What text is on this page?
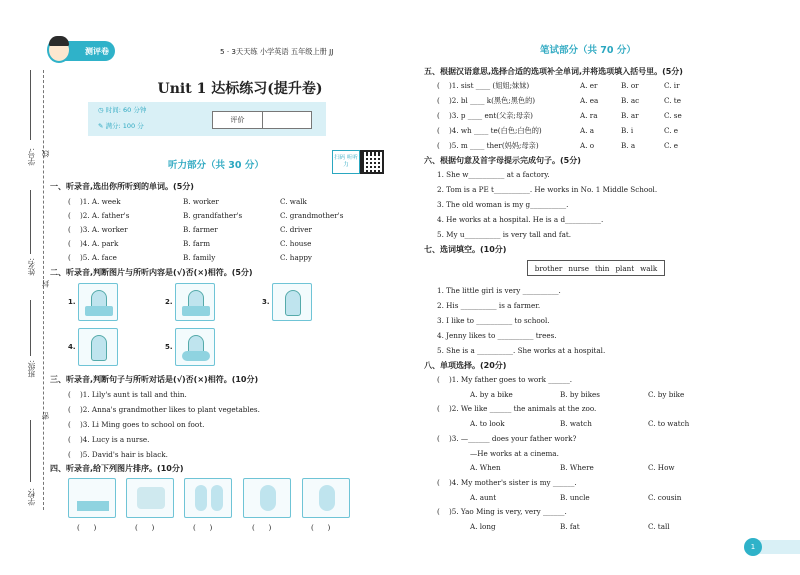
学号: 线
姓名:
封
班级:
密
学校:
测评卷	5 · 3天天练 小学英语 五年级上册 JJ
Unit 1 达标练习(提升卷)
◷ 时间: 60 分钟
✎ 满分: 100 分
评价
听力部分（共 30 分）
扫码 听听力
一、听录音,选出你所听到的单词。(5分)
(    )1. A. week	B. worker	C. walk
(    )2. A. father's	B. grandfather's	C. grandmother's
(    )3. A. worker	B. farmer	C. driver
(    )4. A. park	B. farm	C. house
(    )5. A. face	B. family	C. happy
二、听录音,判断图片与所听内容是(√)否(×)相符。(5分)
1.	2.	3.
4.	5.
三、听录音,判断句子与所听对话是(√)否(×)相符。(10分)
(    )1. Lily's aunt is tall and thin.
(    )2. Anna's grandmother likes to plant vegetables.
(    )3. Li Ming goes to school on foot.
(    )4. Lucy is a nurse.
(    )5. David's hair is black.
四、听录音,给下列图片排序。(10分)
(      )	(      )	(      )	(      )	(      )
笔试部分（共 70 分）
五、根据汉语意思,选择合适的选项补全单词,并将选项填入括号里。(5分)
(    )1. sist ____ (姐姐;妹妹)	A. er	B. or	C. ir
(    )2. bl ____ k(黑色;黑色的)	A. ea	B. ac	C. te
(    )3. p ____ ent(父亲;母亲)	A. ra	B. ar	C. se
(    )4. wh ____ te(白色;白色的)	A. a	B. i	C. e
(    )5. m ____ ther(妈妈;母亲)	A. o	B. a	C. e
六、根据句意及首字母提示完成句子。(5分)
1. She w__________ at a factory.
2. Tom is a PE t__________. He works in No. 1 Middle School.
3. The old woman is my g__________.
4. He works at a hospital. He is a d__________.
5. My u__________ is very tall and fat.
七、选词填空。(10分)
brother nurse thin plant walk
1. The little girl is very __________.
2. His __________ is a farmer.
3. I like to __________ to school.
4. Jenny likes to __________ trees.
5. She is a __________. She works at a hospital.
八、单项选择。(20分)
(    )1. My father goes to work ______.
A. by a bike	B. by bikes	C. by bike
(    )2. We like ______ the animals at the zoo.
A. to look	B. watch	C. to watch
(    )3. —______ does your father work?
—He works at a cinema.
A. When	B. Where	C. How
(    )4. My mother's sister is my ______.
A. aunt	B. uncle	C. cousin
(    )5. Yao Ming is very, very ______.
A. long	B. fat	C. tall
1
